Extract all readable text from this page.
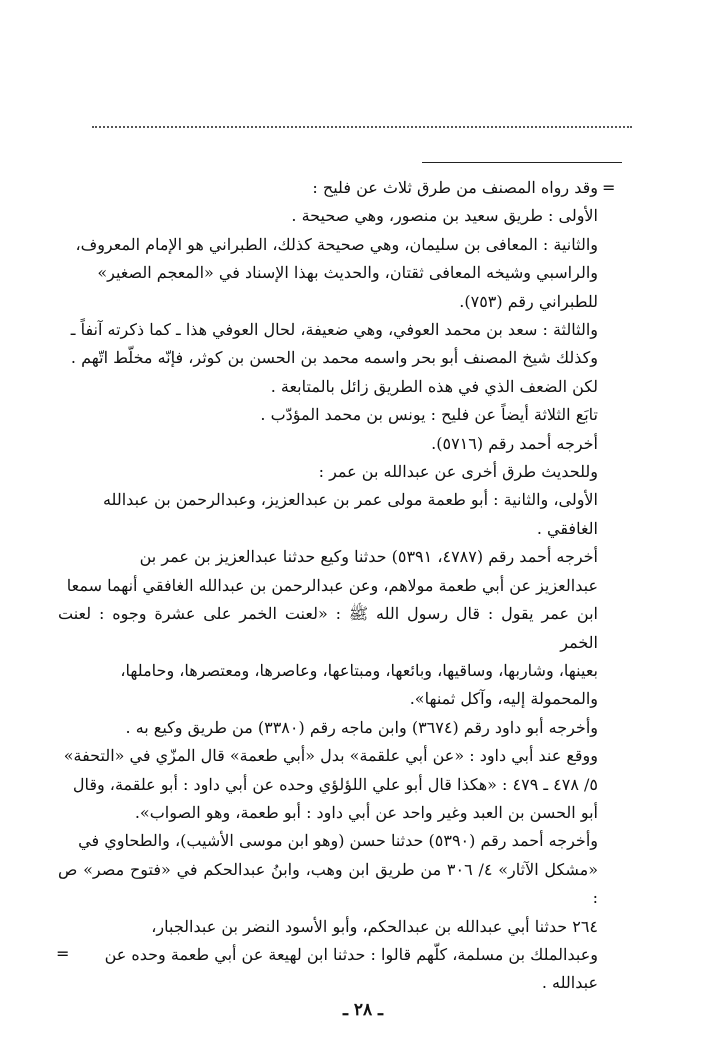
=

وقد رواه المصنف من طرق ثلاث عن فليح :

الأولى : طريق سعيد بن منصور، وهي صحيحة .

والثانية : المعافى بن سليمان، وهي صحيحة كذلك، الطبراني هو الإمام المعروف،

والراسبي وشيخه المعافى ثقتان، والحديث بهذا الإسناد في «المعجم الصغير»

للطبراني رقم (٧٥٣).

والثالثة : سعد بن محمد العوفي، وهي ضعيفة، لحال العوفي هذا ـ كما ذكرته آنفاً ـ

وكذلك شيخ المصنف أبو بحر واسمه محمد بن الحسن بن كوثر، فإنّه مخلّط اتّهم .

لكن الضعف الذي في هذه الطريق زائل بالمتابعة .

تابَع الثلاثة أيضاً عن فليح : يونس بن محمد المؤدّب .

أخرجه أحمد رقم (٥٧١٦).

وللحديث طرق أخرى عن عبدالله بن عمر :

الأولى، والثانية : أبو طعمة مولى عمر بن عبدالعزيز، وعبدالرحمن بن عبدالله

الغافقي .

أخرجه أحمد رقم (٤٧٨٧، ٥٣٩١) حدثنا وكيع حدثنا عبدالعزيز بن عمر بن

عبدالعزيز عن أبي طعمة مولاهم، وعن عبدالرحمن بن عبدالله الغافقي أنهما سمعا

ابن عمر يقول : قال رسول الله ﷺ : «لعنت الخمر على عشرة وجوه : لعنت الخمر

بعينها، وشاربها، وساقيها، وبائعها، ومبتاعها، وعاصرها، ومعتصرها، وحاملها،

والمحمولة إليه، وآكل ثمنها».

وأخرجه أبو داود رقم (٣٦٧٤) وابن ماجه رقم (٣٣٨٠) من طريق وكيع به .

ووقع عند أبي داود : «عن أبي علقمة» بدل «أبي طعمة» قال المزّي في «التحفة»

٥/ ٤٧٨ ـ ٤٧٩ : «هكذا قال أبو علي اللؤلؤي وحده عن أبي داود : أبو علقمة، وقال

أبو الحسن بن العبد وغير واحد عن أبي داود : أبو طعمة، وهو الصواب».

وأخرجه أحمد رقم (٥٣٩٠) حدثنا حسن (وهو ابن موسى الأشيب)، والطحاوي في

«مشكل الآثار» ٤/ ٣٠٦ من طريق ابن وهب، وابنُ عبدالحكم في «فتوح مصر» ص :

٢٦٤ حدثنا أبي عبدالله بن عبدالحكم، وأبو الأسود النضر بن عبدالجبار،

وعبدالملك بن مسلمة، كلّهم قالوا : حدثنا ابن لهيعة عن أبي طعمة وحده عن

عبدالله .

=
ـ ٢٨ ـ
